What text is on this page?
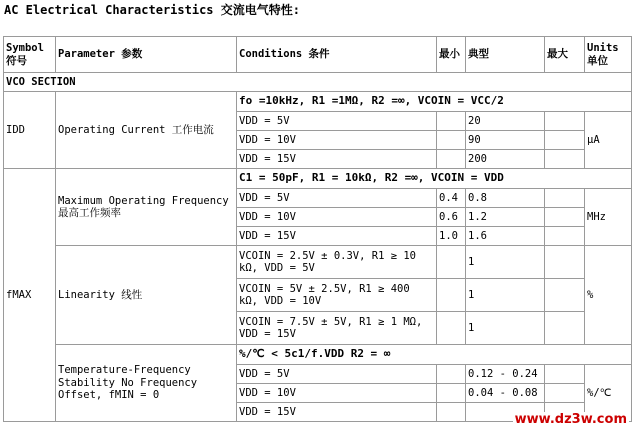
AC Electrical Characteristics 交流电气特性:
Symbol 符号	Parameter 参数	Conditions 条件	最小	典型	最大	Units 单位
VCO SECTION						
IDD	Operating Current 工作电流	fo =10kHz, R1 =1MΩ, R2 =∞, VCOIN = VCC/2				
		VDD = 5V		20		μA
		VDD = 10V		90		
		VDD = 15V		200		
fMAX	Maximum Operating Frequency 最高工作频率	C1 = 50pF, R1 = 10kΩ, R2 =∞, VCOIN = VDD				
		VDD = 5V	0.4	0.8		MHz
		VDD = 10V	0.6	1.2		
		VDD = 15V	1.0	1.6		
	Linearity 线性	VCOIN = 2.5V ± 0.3V, R1 ≥ 10 kΩ, VDD = 5V		1		%
		VCOIN = 5V ± 2.5V, R1 ≥ 400 kΩ, VDD = 10V		1		
		VCOIN = 7.5V ± 5V, R1 ≥ 1 MΩ, VDD = 15V		1		
	Temperature-Frequency Stability No Frequency Offset, fMIN = 0	%/℃ < 5c1/f.VDD R2 = ∞				
		VDD = 5V		0.12 - 0.24		%/℃
		VDD = 10V		0.04 - 0.08		
		VDD = 15V				
www.dz3w.com
